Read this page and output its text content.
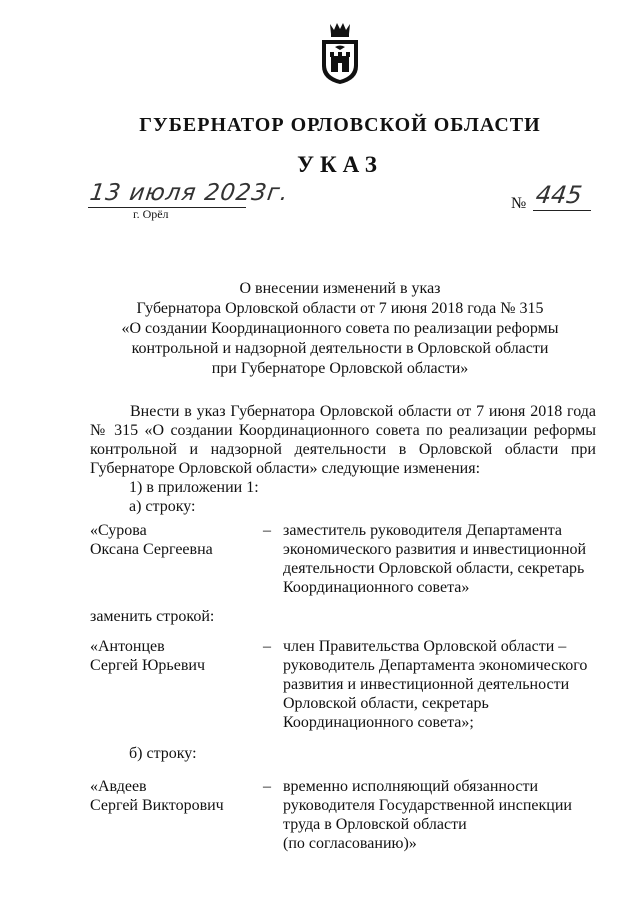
ГУБЕРНАТОР ОРЛОВСКОЙ ОБЛАСТИ
УКАЗ
13 июля 2023г.
г. Орёл
№ 445
О внесении изменений в указ
Губернатора Орловской области от 7 июня 2018 года № 315
«О создании Координационного совета по реализации реформы
контрольной и надзорной деятельности в Орловской области
при Губернаторе Орловской области»
Внести в указ Губернатора Орловской области от 7 июня 2018 года
№ 315 «О создании Координационного совета по реализации реформы
контрольной и надзорной деятельности в Орловской области при
Губернаторе Орловской области» следующие изменения:
1) в приложении 1:
а) строку:
«Сурова
Оксана Сергеевна
– заместитель руководителя Департамента
экономического развития и инвестиционной
деятельности Орловской области, секретарь
Координационного совета»
заменить строкой:
«Антонцев
Сергей Юрьевич
– член Правительства Орловской области –
руководитель Департамента экономического
развития и инвестиционной деятельности
Орловской области, секретарь
Координационного совета»;
б) строку:
«Авдеев
Сергей Викторович
– временно исполняющий обязанности
руководителя Государственной инспекции
труда в Орловской области
(по согласованию)»
